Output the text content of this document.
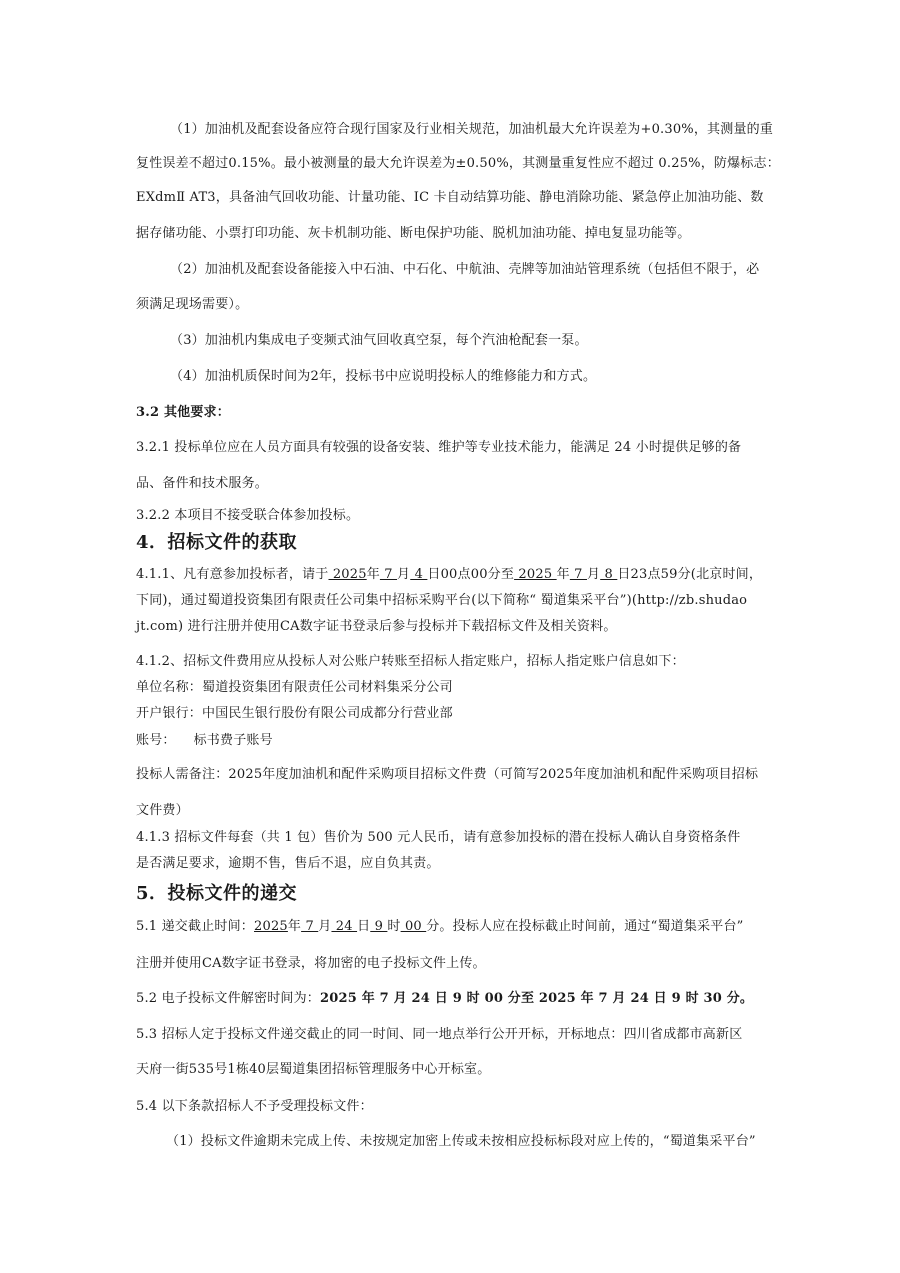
（1）加油机及配套设备应符合现行国家及行业相关规范，加油机最大允许误差为+0.30%，其测量的重
复性误差不超过0.15%。最小被测量的最大允许误差为±0.50%，其测量重复性应不超过 0.25%，防爆标志：
EXdmⅡ AT3，具备油气回收功能、计量功能、IC 卡自动结算功能、静电消除功能、紧急停止加油功能、数
据存储功能、小票打印功能、灰卡机制功能、断电保护功能、脱机加油功能、掉电复显功能等。
（2）加油机及配套设备能接入中石油、中石化、中航油、壳牌等加油站管理系统（包括但不限于，必
须满足现场需要）。
（3）加油机内集成电子变频式油气回收真空泵，每个汽油枪配套一泵。
（4）加油机质保时间为2年，投标书中应说明投标人的维修能力和方式。
3.2 其他要求：
3.2.1 投标单位应在人员方面具有较强的设备安装、维护等专业技术能力，能满足 24 小时提供足够的备
品、备件和技术服务。
3.2.2 本项目不接受联合体参加投标。
4．招标文件的获取
4.1.1、凡有意参加投标者，请于 2025年 7 月 4 日00点00分至 2025 年 7 月 8 日23点59分(北京时间，
下同)，通过蜀道投资集团有限责任公司集中招标采购平台(以下简称“ 蜀道集采平台”)(http://zb.shudao
jt.com) 进行注册并使用CA数字证书登录后参与投标并下载招标文件及相关资料。
4.1.2、招标文件费用应从投标人对公账户转账至招标人指定账户，招标人指定账户信息如下：
单位名称：蜀道投资集团有限责任公司材料集采分公司
开户银行：中国民生银行股份有限公司成都分行营业部
账号： 标书费子账号
投标人需备注：2025年度加油机和配件采购项目招标文件费（可简写2025年度加油机和配件采购项目招标
文件费）
4.1.3 招标文件每套（共 1 包）售价为 500 元人民币，请有意参加投标的潜在投标人确认自身资格条件
是否满足要求，逾期不售，售后不退，应自负其责。
5．投标文件的递交
5.1 递交截止时间：2025年 7 月 24 日 9 时 00 分。投标人应在投标截止时间前，通过“蜀道集采平台”
注册并使用CA数字证书登录，将加密的电子投标文件上传。
5.2 电子投标文件解密时间为：2025 年 7 月 24 日 9 时 00 分至 2025 年 7 月 24 日 9 时 30 分。
5.3 招标人定于投标文件递交截止的同一时间、同一地点举行公开开标，开标地点：四川省成都市高新区
天府一街535号1栋40层蜀道集团招标管理服务中心开标室。
5.4 以下条款招标人不予受理投标文件：
（1）投标文件逾期未完成上传、未按规定加密上传或未按相应投标标段对应上传的，“蜀道集采平台”
